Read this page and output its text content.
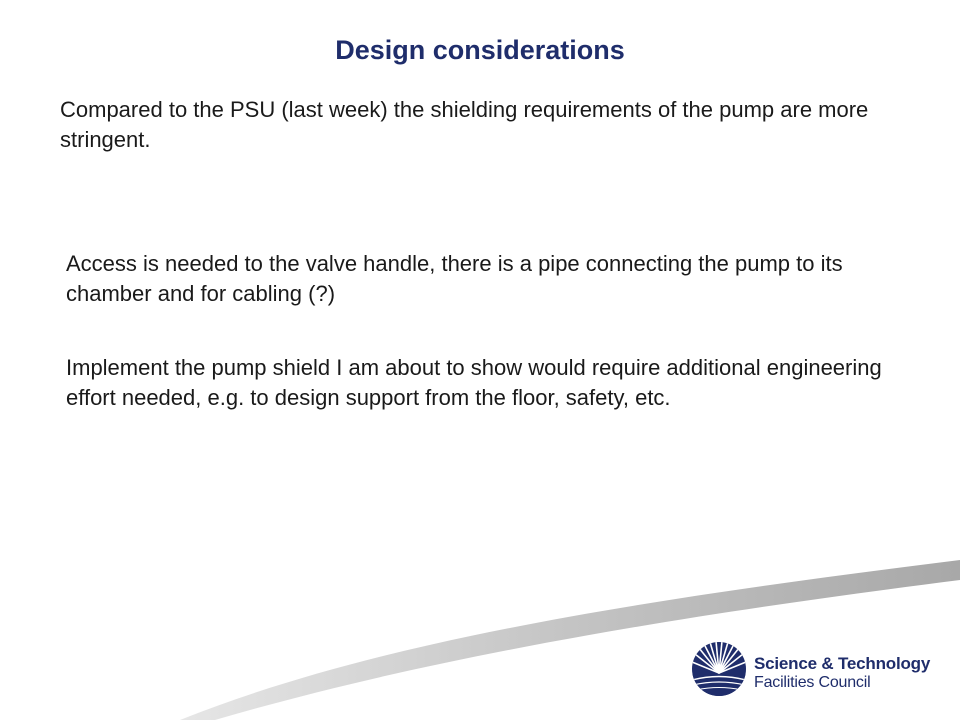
Design considerations
Compared to the PSU (last week) the shielding requirements of the pump are more stringent.
Access is needed to the valve handle, there is a pipe connecting the pump to its chamber and for cabling (?)
Implement the pump shield I am about to show would require additional engineering effort needed, e.g. to design support from the floor, safety, etc.
Science & Technology
Facilities Council
